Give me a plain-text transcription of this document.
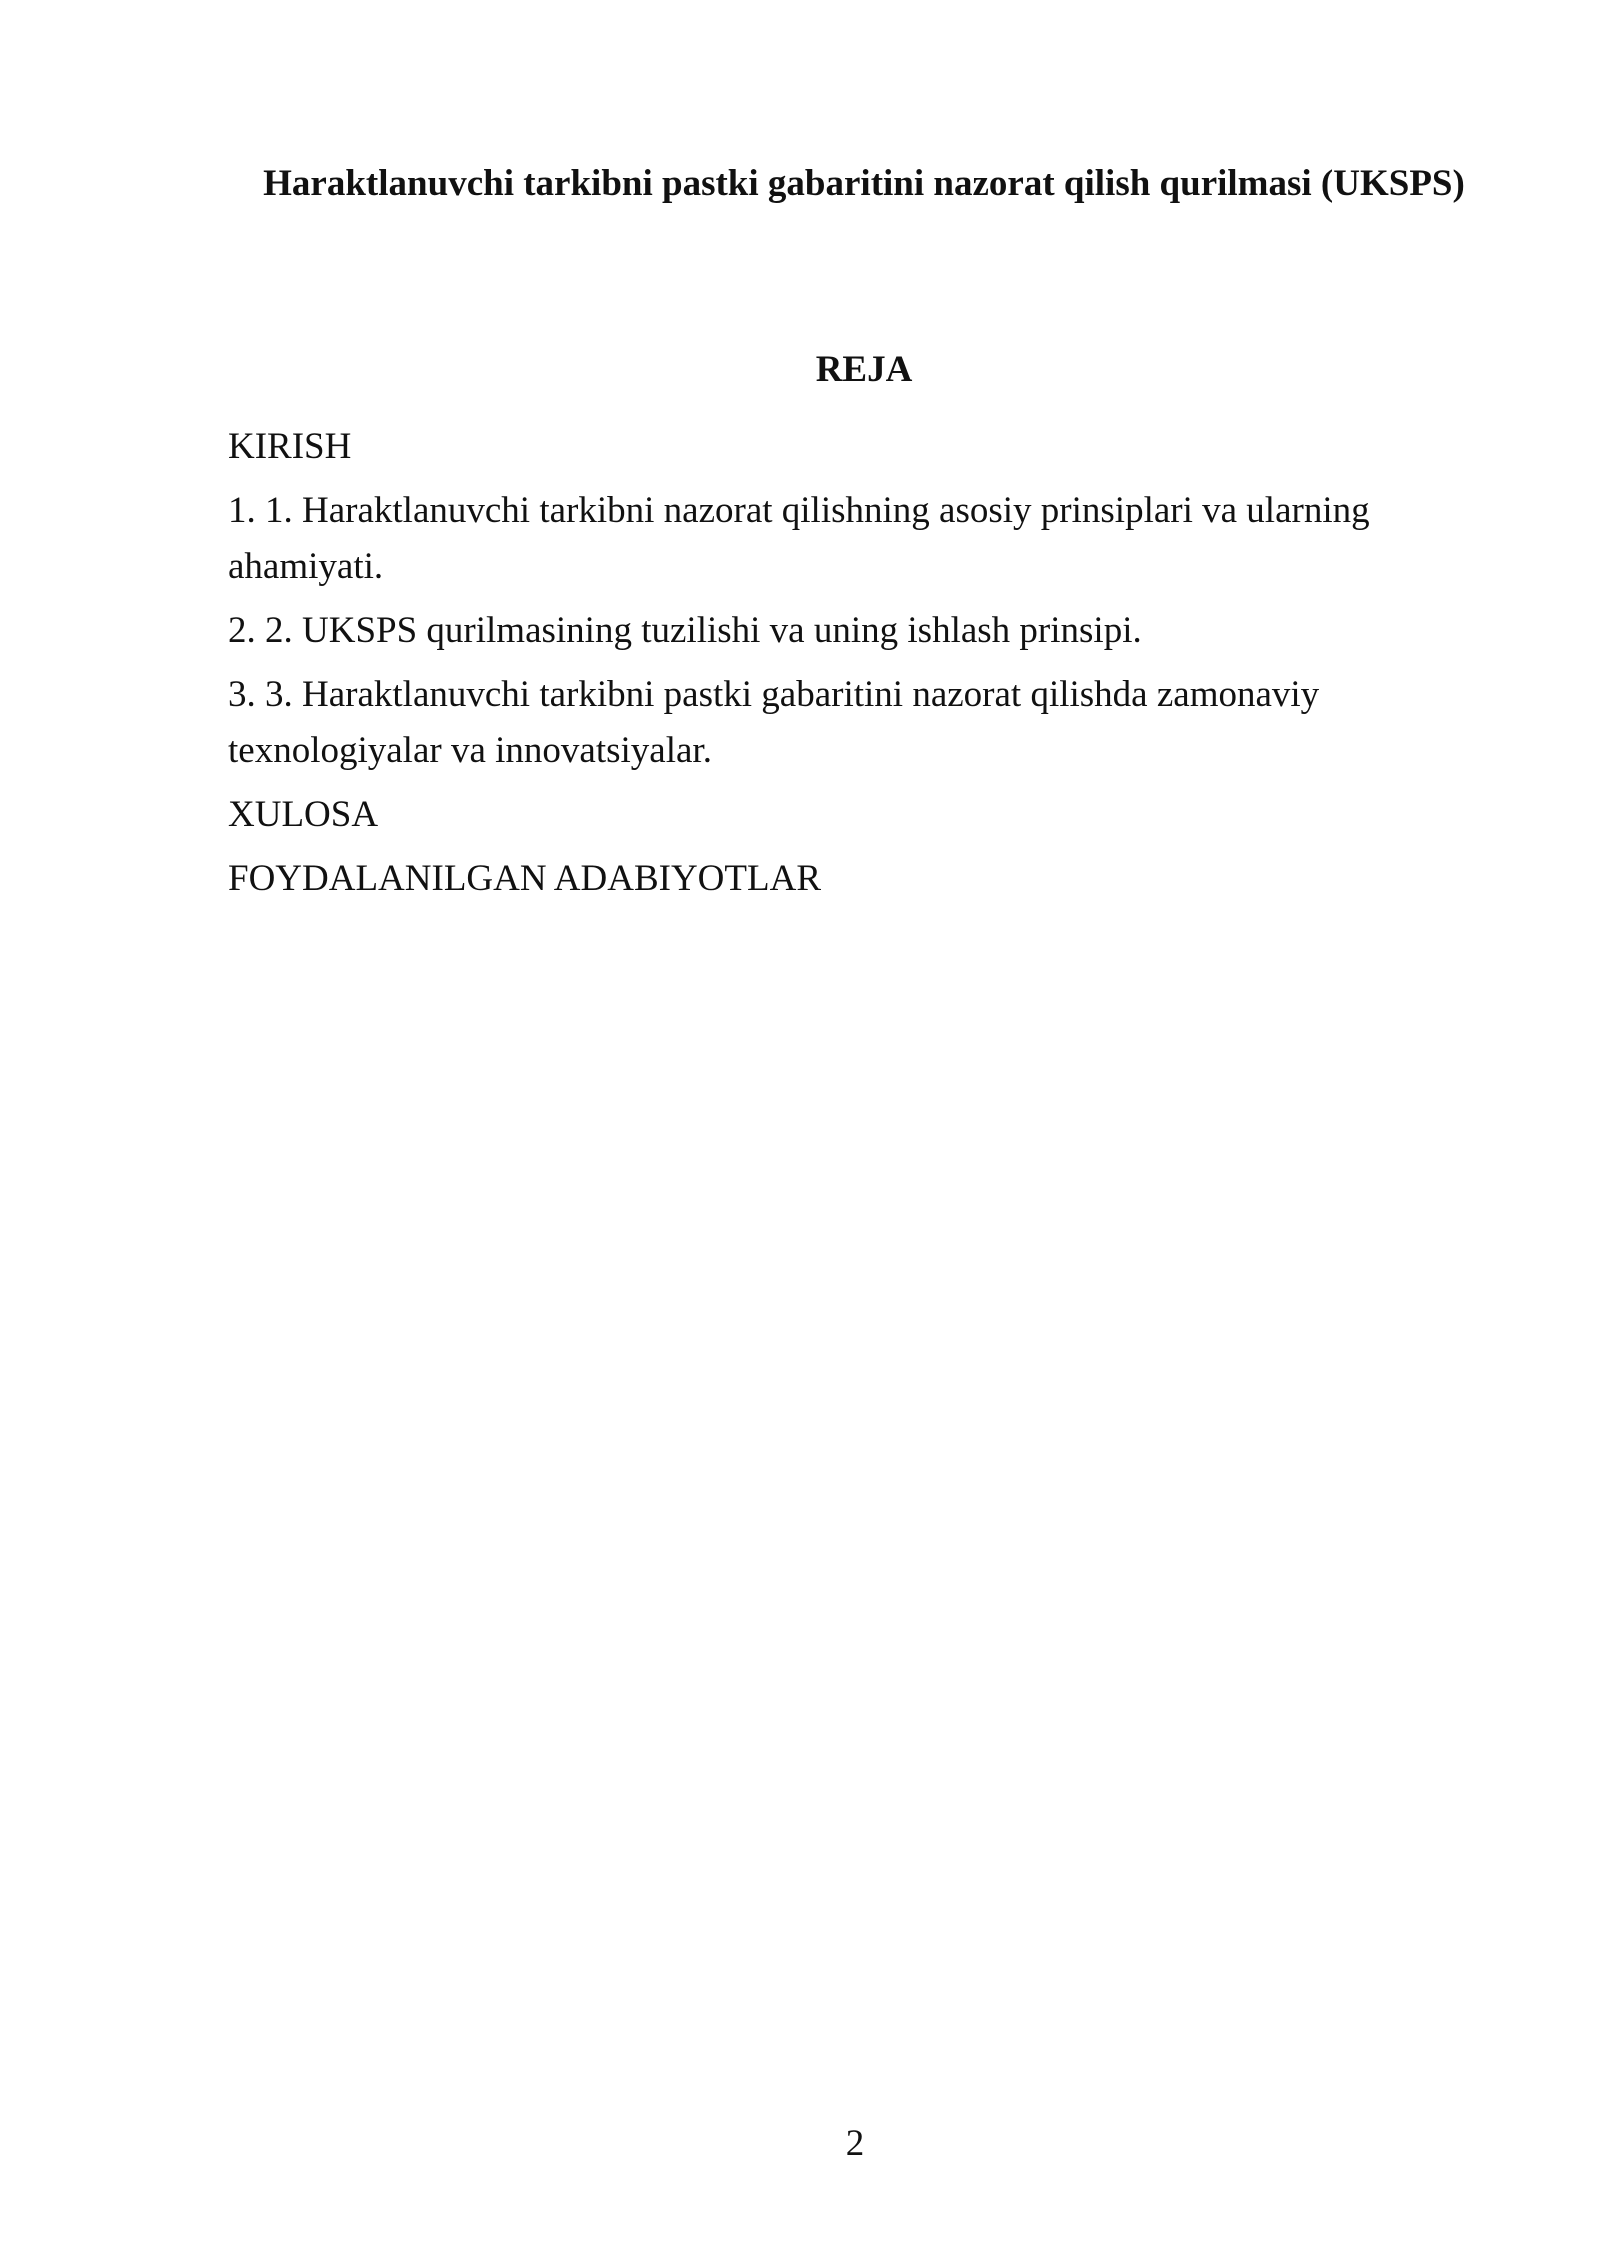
Haraktlanuvchi tarkibni pastki gabaritini nazorat qilish qurilmasi (UKSPS)
REJA
KIRISH
1. 1. Haraktlanuvchi tarkibni nazorat qilishning asosiy prinsiplari va ularning ahamiyati.
2. 2. UKSPS qurilmasining tuzilishi va uning ishlash prinsipi.
3. 3. Haraktlanuvchi tarkibni pastki gabaritini nazorat qilishda zamonaviy texnologiyalar va innovatsiyalar.
XULOSA
FOYDALANILGAN ADABIYOTLAR
2
